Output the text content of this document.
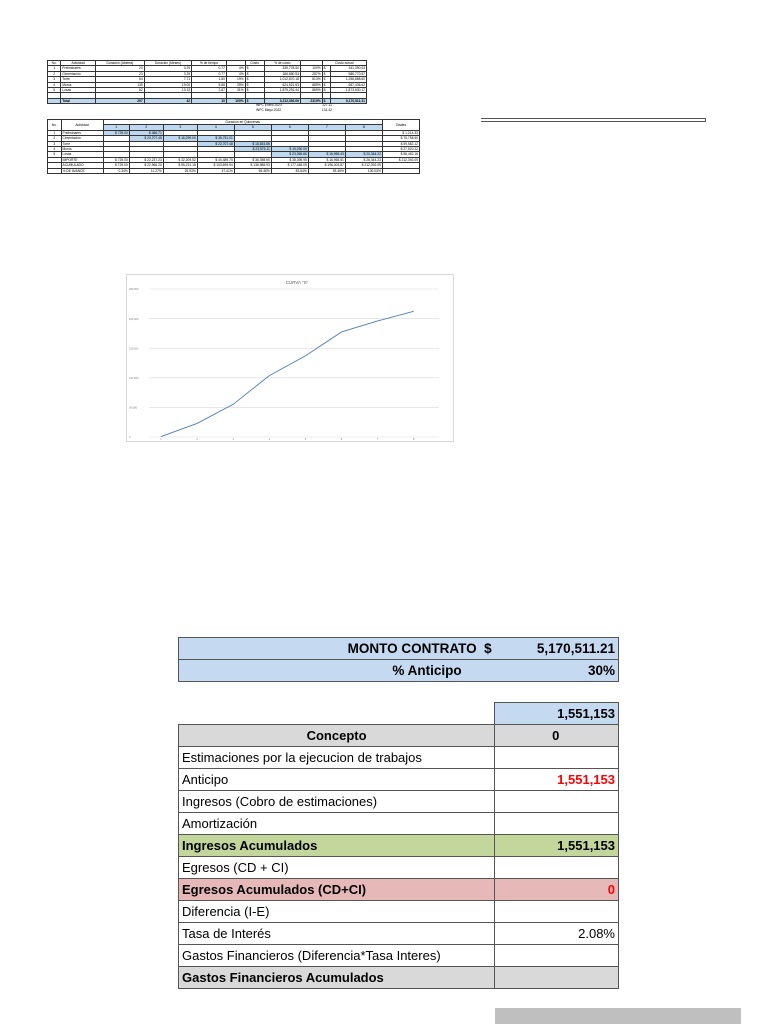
No.	Actividad	Duración (Abierta)	Duración (Meses)	% de tiempo		Costo	% de costo		Costo actual	
1	Preliminares	23	3.29	0.77	4%	$	339,778.50	100%	$	341,390.03
2	Cimentación	23	3.29	0.77	4%	$	186,880.53	287%	$	586,770.57
3	Torre	54	7.71	1.80	19%	$	1,012,870.18	813%	$	1,258,888.60
4	Muros	135	19.00	5.88	39%	$	624,921.53	689%	$	687,436.62
5	Losas	62	13.13	2.87	31%	$	1,879,291.44	869%	$	1,873,630.17

	Total	297	42	10	100%	$	3,212,392.09	2319%	$	5,170,511.21
INPC Enero 2023	127.11
INPC Mayo 2022	131.42
No.	Actividad	Duración en Quincenas								Totales
		1	2	3	4	5	6	7	8	
1	Preliminares	$ 729.00	$ 486.71							$ 1,214.33
2	Cimentación		$ 20,707.48	$ 16,299.00	$ 38,751.01					$ 75,758.50
3	Torre				$ 22,707.48	$ 18,834.86				$ 59,582.12
4	Muros					$ 23,576.11	$ 15,030.09			$ 27,520.22
5	Losas						$ 23,365.86	$ 16,965.43	$ 20,344.22	$ 58,452.16
	IMPORTE	$ 729.00	$ 22,237.23	$ 32,209.52	$ 40,489.75	$ 36,398.90	$ 38,395.95	$ 16,965.51	$ 26,344.23	$ 212,392.09
	ACUMULADO	$ 729.00	$ 22,966.20	$ 55,231.18	$ 103,699.94	$ 136,988.93	$ 177,448.05	$ 196,003.87	$ 212,392.09	
	% DE AVANCE	0.34%	11.27%	25.93%	47.41%	65.46%	83.64%	93.46%	100.00%	
CURVA "S"
250,000
200,000
150,000
100,000
50,000
0
1	2	3	4	5	6	7	8
MONTO CONTRATO $	5,170,511.21
% Anticipo	30%

	1,551,153
Concepto	0
Estimaciones por la ejecucion de trabajos	
Anticipo	1,551,153
Ingresos (Cobro de estimaciones)	
Amortización	
Ingresos Acumulados	1,551,153
Egresos (CD + CI)	
Egresos Acumulados (CD+CI)	0
Diferencia (I-E)	
Tasa de Interés	2.08%
Gastos Financieros (Diferencia*Tasa Interes)	
Gastos Financieros Acumulados	
